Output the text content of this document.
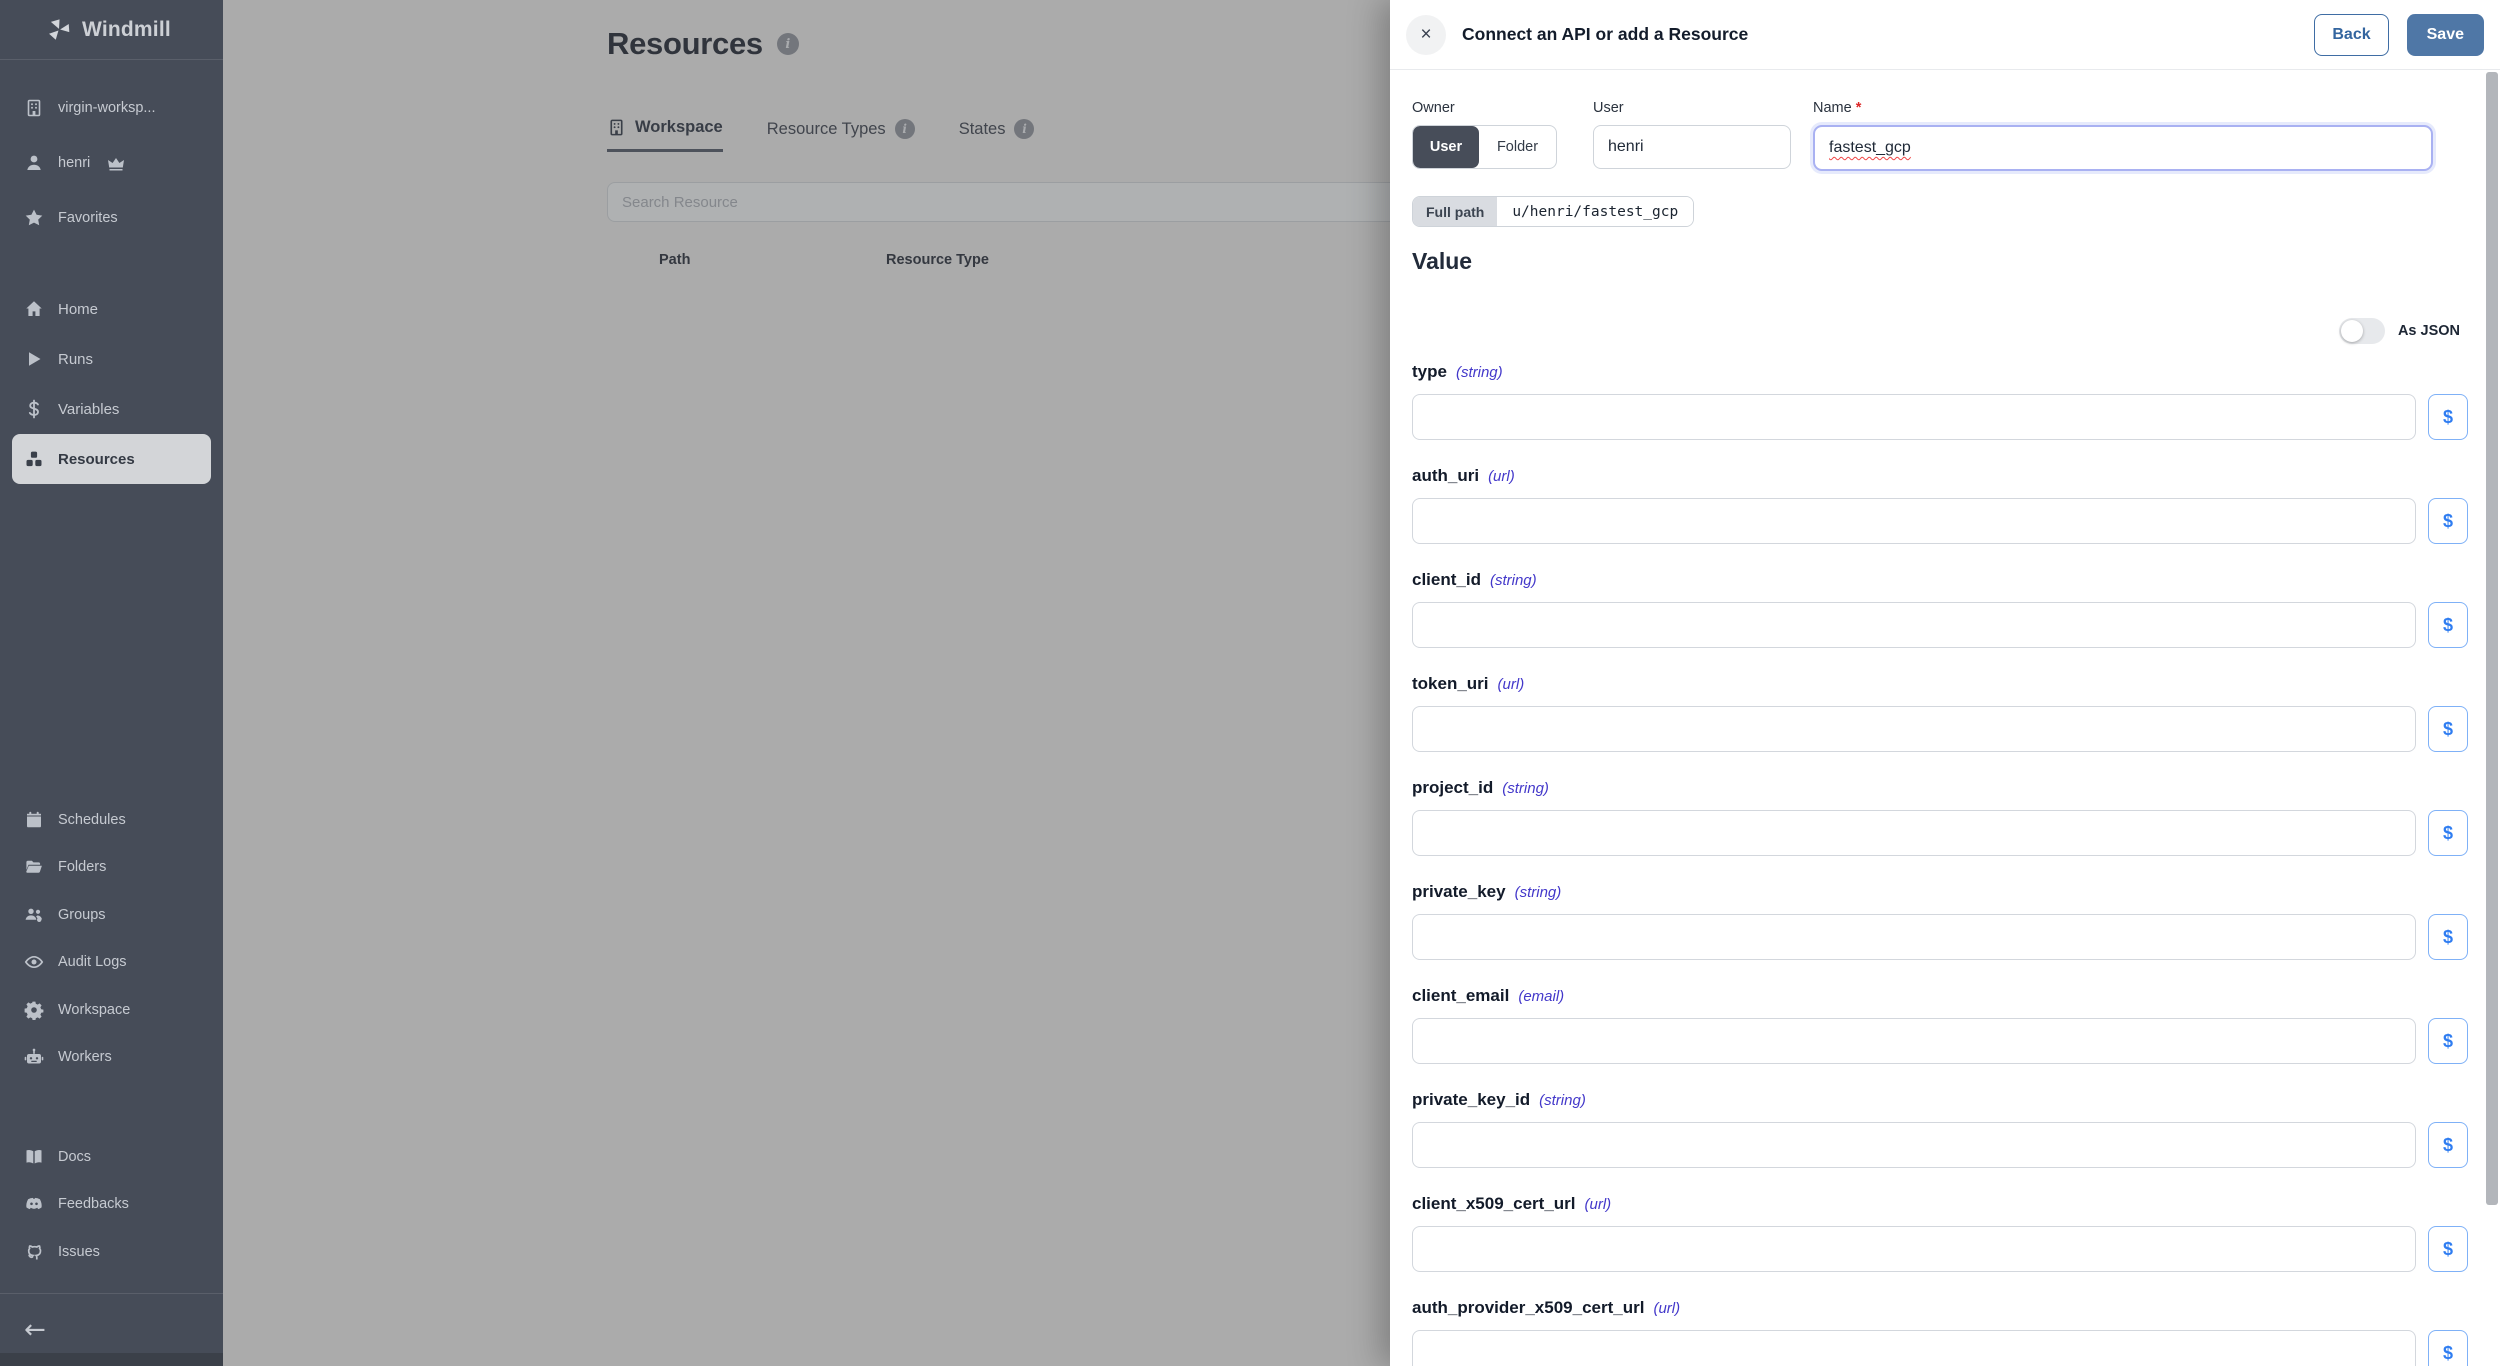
Windmill
virgin-worksp...
henri
Favorites
Home
Runs
Variables
Resources
Schedules
Folders
Groups
Audit Logs
Workspace
Workers
Docs
Feedbacks
Issues
←
Resources	i
Workspace	Resource Types	i	States	i
Search Resource
Path	Resource Type
×	Connect an API or add a Resource	Back	Save
Owner
User	Folder
User
henri
Name *
fastest_gcp
Full path	u/henri/fastest_gcp
Value
As JSON
type (string)
$
auth_uri (url)
$
client_id (string)
$
token_uri (url)
$
project_id (string)
$
private_key (string)
$
client_email (email)
$
private_key_id (string)
$
client_x509_cert_url (url)
$
auth_provider_x509_cert_url (url)
$
